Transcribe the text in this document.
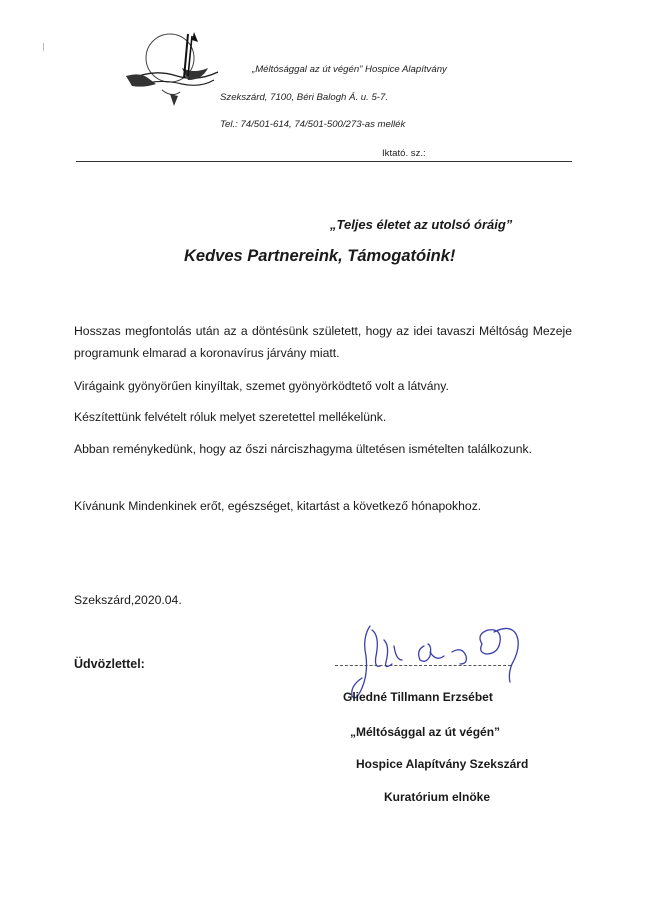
„Méltósággal az út végén” Hospice Alapítvány
Szekszárd, 7100, Béri Balogh Á. u. 5-7.
Tel.: 74/501-614, 74/501-500/273-as mellék
Iktató. sz.:
„Teljes életet az utolsó óráig”
Kedves Partnereink, Támogatóink!
Hosszas megfontolás után az a döntésünk született, hogy az idei tavaszi Méltóság Mezeje programunk elmarad a koronavírus járvány miatt.
Virágaink gyönyörűen kinyíltak, szemet gyönyörködtető volt a látvány.
Készítettünk felvételt róluk melyet szeretettel mellékelünk.
Abban reménykedünk, hogy az őszi nárciszhagyma ültetésen ismételten találkozunk.
Kívánunk Mindenkinek erőt, egészséget, kitartást a következő hónapokhoz.
Szekszárd,2020.04.
Üdvözlettel:
Gliedné Tillmann Erzsébet
„Méltósággal az út végén”
Hospice Alapítvány Szekszárd
Kuratórium elnöke
